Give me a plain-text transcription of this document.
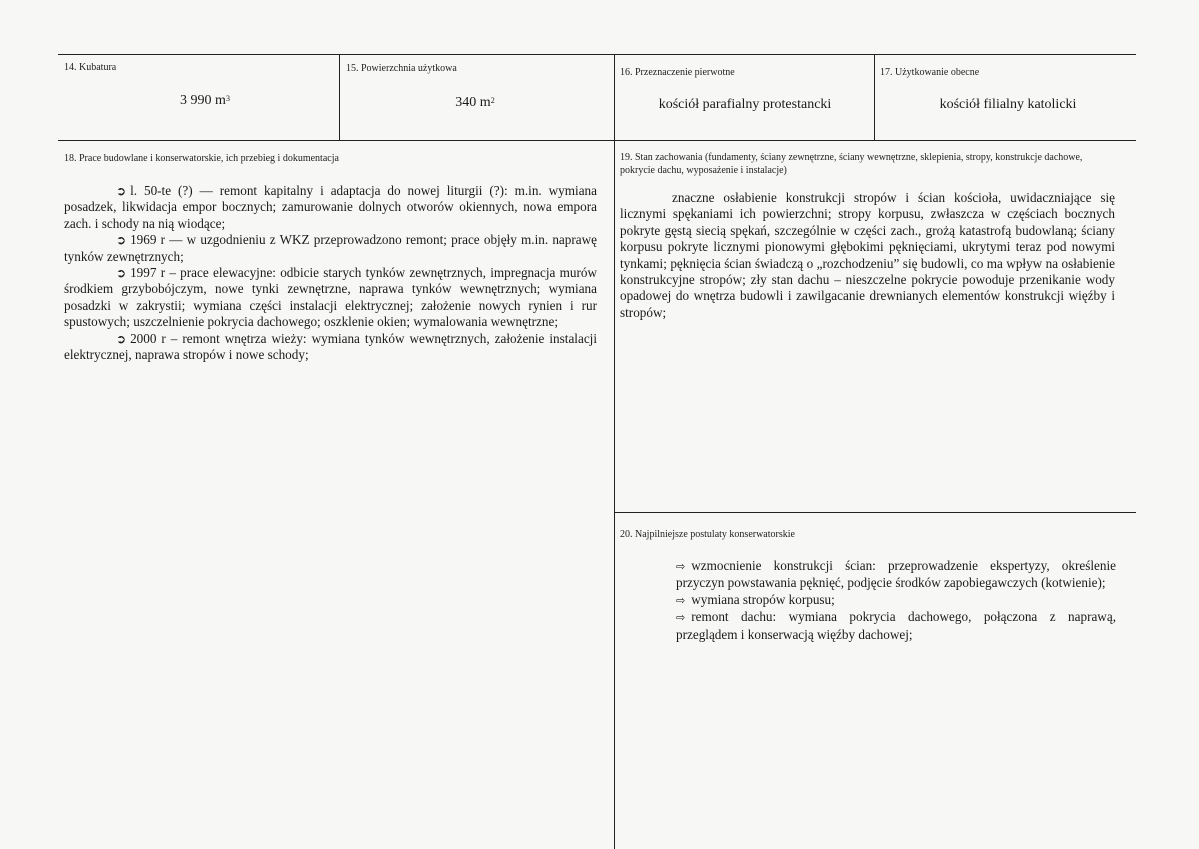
14. Kubatura
3 990 $m^3$
15. Powierzchnia użytkowa
340 $m^2$
16. Przeznaczenie pierwotne
kościół parafialny protestancki
17. Użytkowanie obecne
kościół filialny katolicki
18. Prace budowlane i konserwatorskie, ich przebieg i dokumentacja

➲ l. 50-te (?) — remont kapitalny i adaptacja do nowej liturgii (?): m.in. wymiana posadzek, likwidacja empor bocznych; zamurowanie dolnych otworów okiennych, nowa empora zach. i schody na nią wiodące;

➲ 1969 r — w uzgodnieniu z WKZ przeprowadzono remont; prace objęły m.in. naprawę tynków zewnętrznych;

➲ 1997 r – prace elewacyjne: odbicie starych tynków zewnętrznych, impregnacja murów środkiem grzybobójczym, nowe tynki zewnętrzne, naprawa tynków wewnętrznych; wymiana posadzki w zakrystii; wymiana części instalacji elektrycznej; założenie nowych rynien i rur spustowych; uszczelnienie pokrycia dachowego; oszklenie okien; wymalowania wewnętrzne;

➲ 2000 r – remont wnętrza wieży: wymiana tynków wewnętrznych, założenie instalacji elektrycznej, naprawa stropów i nowe schody;

19. Stan zachowania (fundamenty, ściany zewnętrzne, ściany wewnętrzne, sklepienia, stropy, konstrukcje dachowe, pokrycie dachu, wyposażenie i instalacje)
znaczne osłabienie konstrukcji stropów i ścian kościoła, uwidaczniające się licznymi spękaniami ich powierzchni; stropy korpusu, zwłaszcza w częściach bocznych pokryte gęstą siecią spękań, szczególnie w części zach., grożą katastrofą budowlaną; ściany korpusu pokryte licznymi pionowymi głębokimi pęknięciami, ukrytymi teraz pod nowymi tynkami; pęknięcia ścian świadczą o „rozchodzeniu” się budowli, co ma wpływ na osłabienie konstrukcyjne stropów; zły stan dachu – nieszczelne pokrycie powoduje przenikanie wody opadowej do wnętrza budowli i zawilgacanie drewnianych elementów konstrukcji więźby i stropów;
20. Najpilniejsze postulaty konserwatorskie

⇨ wzmocnienie konstrukcji ścian: przeprowadzenie ekspertyzy, określenie przyczyn powstawania pęknięć, podjęcie środków zapobiegawczych (kotwienie);

⇨ wymiana stropów korpusu;

⇨ remont dachu: wymiana pokrycia dachowego, połączona z naprawą, przeglądem i konserwacją więźby dachowej;
